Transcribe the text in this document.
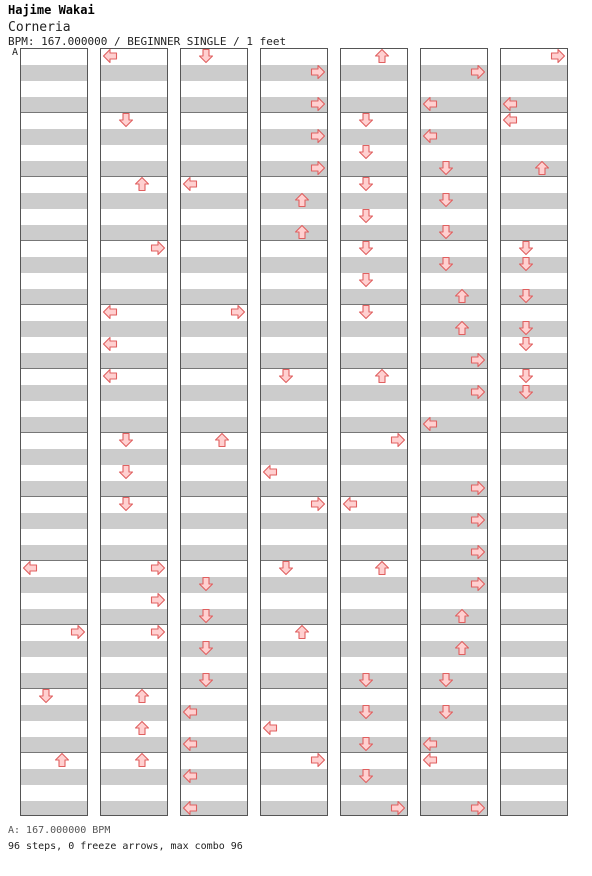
Hajime Wakai
Corneria
BPM: 167.000000 / BEGINNER SINGLE / 1 feet
A
A: 167.000000 BPM
96 steps, 0 freeze arrows, max combo 96
